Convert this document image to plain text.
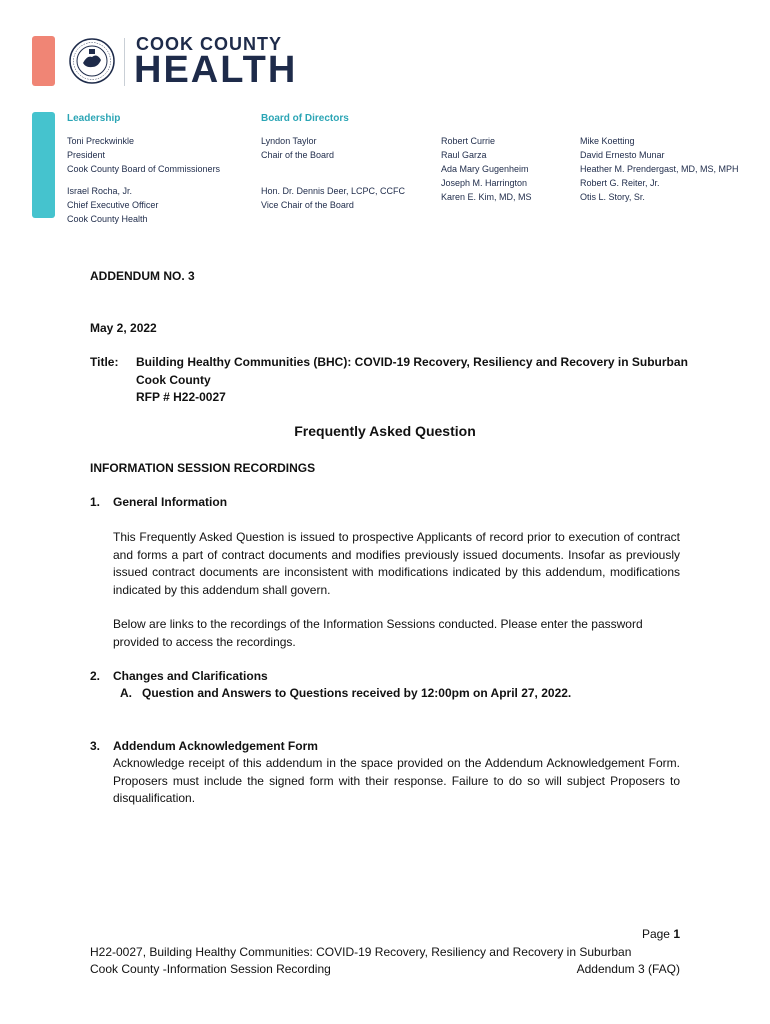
COOK COUNTY
HEALTH
Leadership
Toni Preckwinkle
President
Cook County Board of Commissioners
Israel Rocha, Jr.
Chief Executive Officer
Cook County Health
Board of Directors
Lyndon Taylor
Chair of the Board
Hon. Dr. Dennis Deer, LCPC, CCFC
Vice Chair of the Board
Robert Currie
Raul Garza
Ada Mary Gugenheim
Joseph M. Harrington
Karen E. Kim, MD, MS
Mike Koetting
David Ernesto Munar
Heather M. Prendergast, MD, MS, MPH
Robert G. Reiter, Jr.
Otis L. Story, Sr.
ADDENDUM NO. 3
May 2, 2022
Title: Building Healthy Communities (BHC): COVID-19 Recovery, Resiliency and Recovery in Suburban
Cook County
RFP # H22-0027
Frequently Asked Question
INFORMATION SESSION RECORDINGS
1. General Information
This Frequently Asked Question is issued to prospective Applicants of record prior to execution of contract and forms a part of contract documents and modifies previously issued documents. Insofar as previously issued contract documents are inconsistent with modifications indicated by this addendum, modifications indicated by this addendum shall govern.
Below are links to the recordings of the Information Sessions conducted. Please enter the password provided to access the recordings.
2. Changes and Clarifications
A. Question and Answers to Questions received by 12:00pm on April 27, 2022.
3. Addendum Acknowledgement Form
Acknowledge receipt of this addendum in the space provided on the Addendum Acknowledgement Form. Proposers must include the signed form with their response. Failure to do so will subject Proposers to disqualification.
Page 1
H22-0027, Building Healthy Communities: COVID-19 Recovery, Resiliency and Recovery in Suburban
Cook County -Information Session Recording	Addendum 3 (FAQ)
